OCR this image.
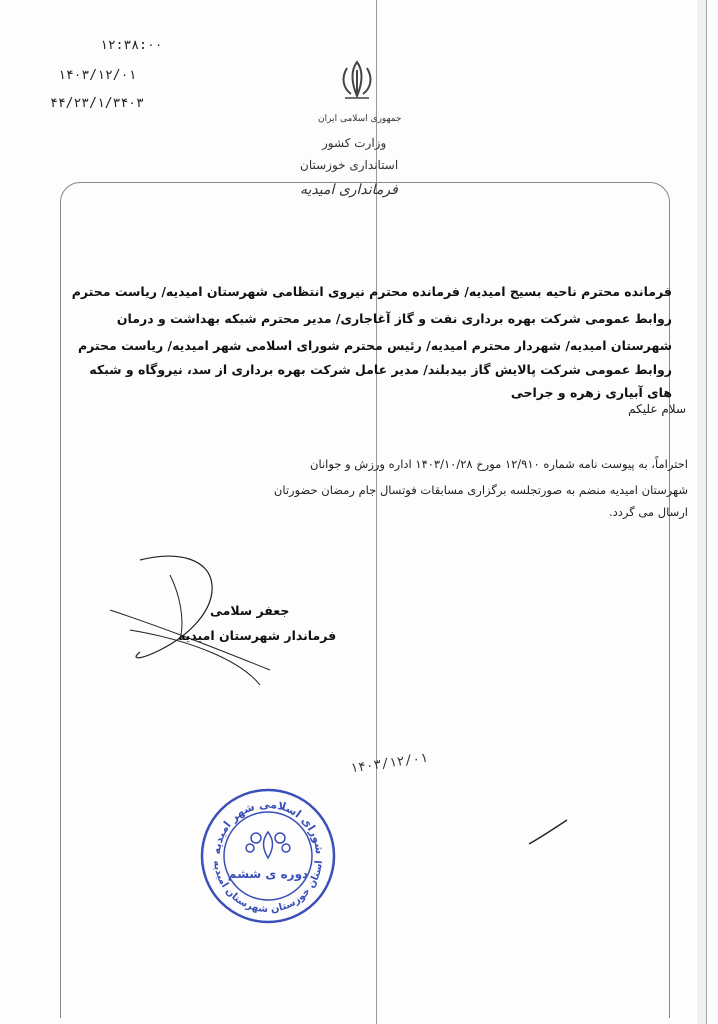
۱۲:۳۸:۰۰
۱۴۰۳/۱۲/۰۱
۴۴/۲۳/۱/۳۴۰۳
جمهوری اسلامی ایران
وزارت کشور
استانداری خوزستان
فرمانداری امیدیه
فرمانده محترم ناحیه بسیج امیدیه/ فرمانده محترم نیروی انتظامی شهرستان امیدیه/ ریاست محترم
روابط عمومی شرکت بهره برداری نفت و گاز آغاجاری/ مدیر محترم شبکه بهداشت و درمان
شهرستان امیدیه/ شهردار محترم امیدیه/ رئیس محترم شورای اسلامی شهر امیدیه/ ریاست محترم
روابط عمومی شرکت پالایش گاز بیدبلند/ مدیر عامل شرکت بهره برداری از سد، نیروگاه و شبکه
های آبیاری زهره و جراحی
سلام علیکم
احتراماً، به پیوست نامه شماره ۱۲/۹۱۰ مورخ ۱۴۰۳/۱۰/۲۸ اداره ورزش و جوانان
شهرستان امیدیه منضم به صورتجلسه برگزاری مسابقات فوتسال جام رمضان حضورتان
ارسال می گردد.
جعفر سلامی
فرماندار شهرستان امیدیه
۱۴۰۳/۱۲/۰۱
شورای اسلامی شهر امیدیه
استان خوزستان شهرستان امیدیه
دوره ی ششم
